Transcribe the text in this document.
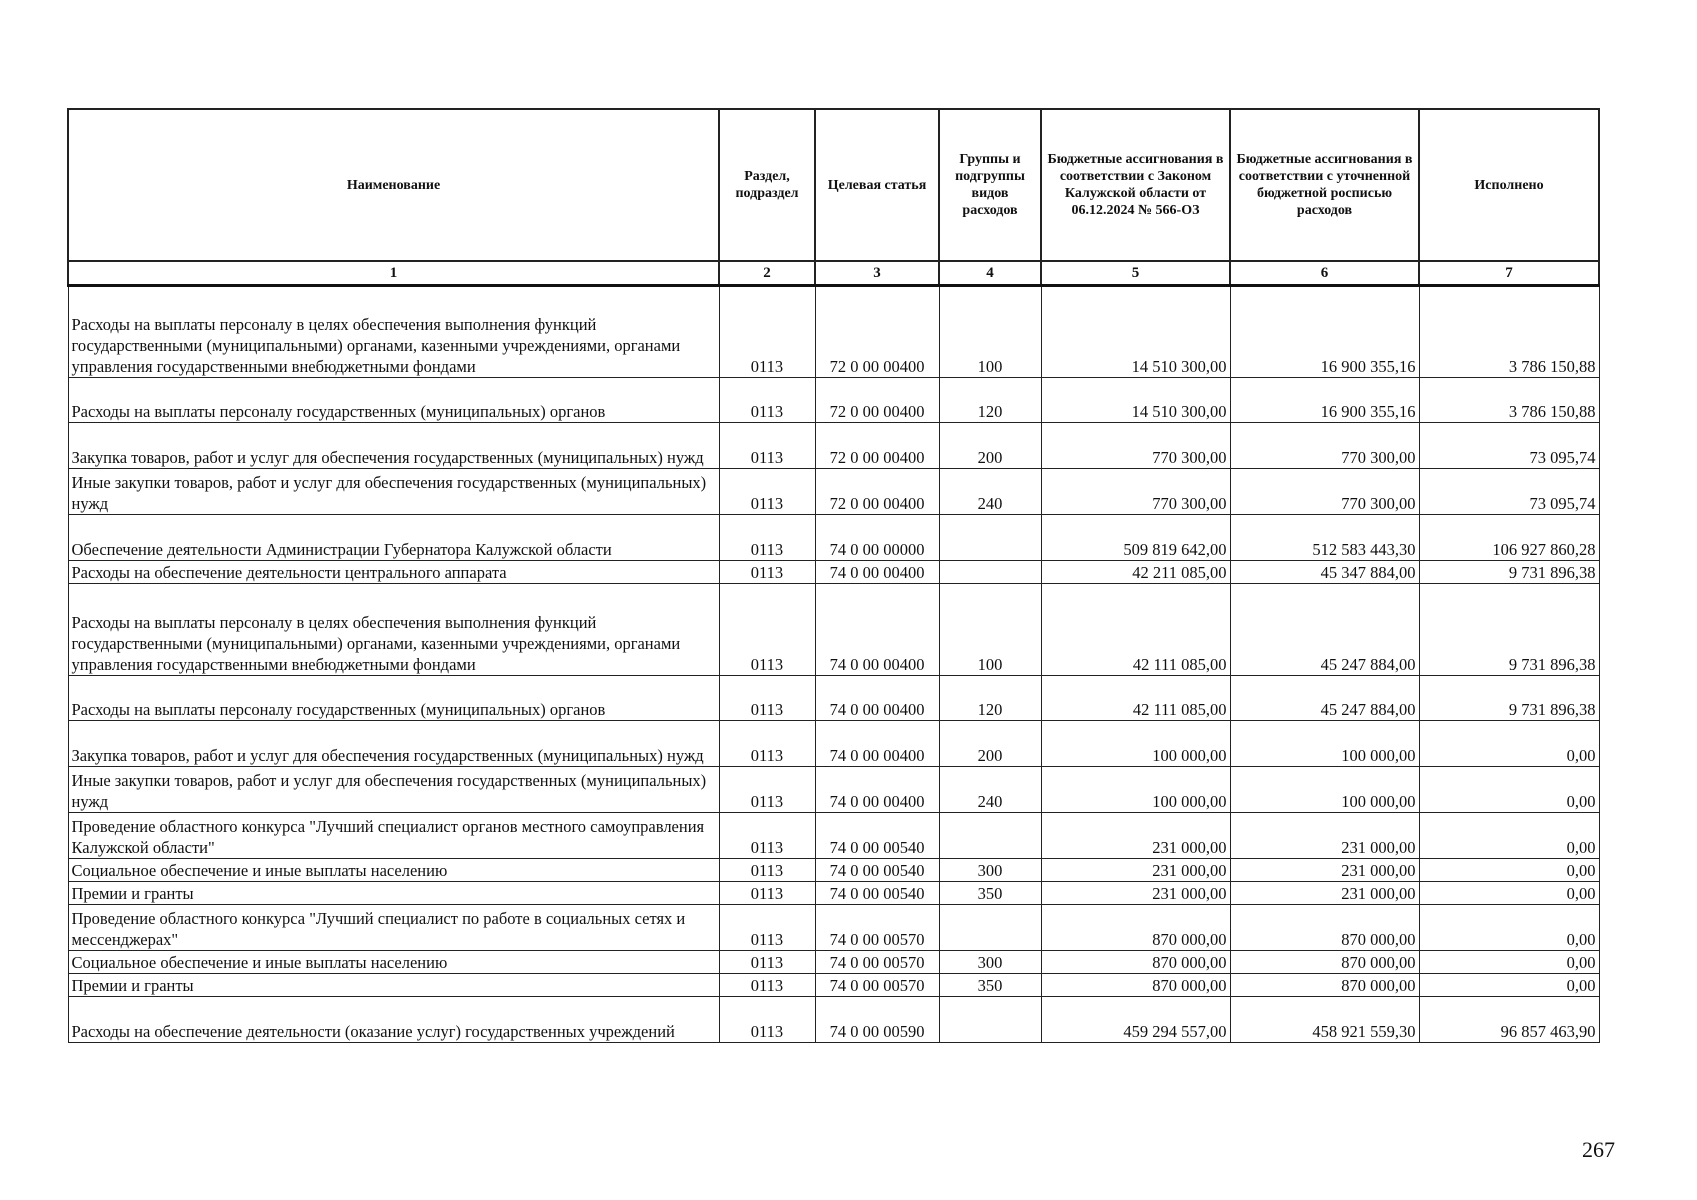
Наименование	Раздел, подраздел	Целевая статья	Группы и подгруппы видов расходов	Бюджетные ассигнования в соответствии с Законом Калужской области от 06.12.2024 № 566-ОЗ	Бюджетные ассигнования в соответствии с уточненной бюджетной росписью расходов	Исполнено
1	2	3	4	5	6	7
Расходы на выплаты персоналу в целях обеспечения выполнения функций государственными (муниципальными) органами, казенными учреждениями, органами управления государственными внебюджетными фондами	0113	72 0 00 00400	100	14 510 300,00	16 900 355,16	3 786 150,88
Расходы на выплаты персоналу государственных (муниципальных) органов	0113	72 0 00 00400	120	14 510 300,00	16 900 355,16	3 786 150,88
Закупка товаров, работ и услуг для обеспечения государственных (муниципальных) нужд	0113	72 0 00 00400	200	770 300,00	770 300,00	73 095,74
Иные закупки товаров, работ и услуг для обеспечения государственных (муниципальных) нужд	0113	72 0 00 00400	240	770 300,00	770 300,00	73 095,74
Обеспечение деятельности Администрации Губернатора Калужской области	0113	74 0 00 00000		509 819 642,00	512 583 443,30	106 927 860,28
Расходы на обеспечение деятельности центрального аппарата	0113	74 0 00 00400		42 211 085,00	45 347 884,00	9 731 896,38
Расходы на выплаты персоналу в целях обеспечения выполнения функций государственными (муниципальными) органами, казенными учреждениями, органами управления государственными внебюджетными фондами	0113	74 0 00 00400	100	42 111 085,00	45 247 884,00	9 731 896,38
Расходы на выплаты персоналу государственных (муниципальных) органов	0113	74 0 00 00400	120	42 111 085,00	45 247 884,00	9 731 896,38
Закупка товаров, работ и услуг для обеспечения государственных (муниципальных) нужд	0113	74 0 00 00400	200	100 000,00	100 000,00	0,00
Иные закупки товаров, работ и услуг для обеспечения государственных (муниципальных) нужд	0113	74 0 00 00400	240	100 000,00	100 000,00	0,00
Проведение областного конкурса "Лучший специалист органов местного самоуправления Калужской области"	0113	74 0 00 00540		231 000,00	231 000,00	0,00
Социальное обеспечение и иные выплаты населению	0113	74 0 00 00540	300	231 000,00	231 000,00	0,00
Премии и гранты	0113	74 0 00 00540	350	231 000,00	231 000,00	0,00
Проведение областного конкурса "Лучший специалист по работе в социальных сетях и мессенджерах"	0113	74 0 00 00570		870 000,00	870 000,00	0,00
Социальное обеспечение и иные выплаты населению	0113	74 0 00 00570	300	870 000,00	870 000,00	0,00
Премии и гранты	0113	74 0 00 00570	350	870 000,00	870 000,00	0,00
Расходы на обеспечение деятельности (оказание услуг) государственных учреждений	0113	74 0 00 00590		459 294 557,00	458 921 559,30	96 857 463,90
267
